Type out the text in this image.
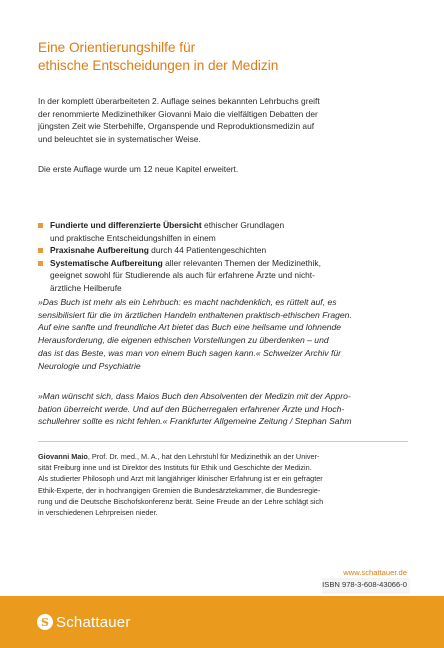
Eine Orientierungshilfe für
ethische Entscheidungen in der Medizin
In der komplett überarbeiteten 2. Auflage seines bekannten Lehrbuchs greift
der renommierte Medizinethiker Giovanni Maio die vielfältigen Debatten der
jüngsten Zeit wie Sterbehilfe, Organspende und Reproduktionsmedizin auf
und beleuchtet sie in systematischer Weise.
Die erste Auflage wurde um 12 neue Kapitel erweitert.
Fundierte und differenzierte Übersicht ethischer Grundlagen
und praktische Entscheidungshilfen in einem
Praxisnahe Aufbereitung durch 44 Patientengeschichten
Systematische Aufbereitung aller relevanten Themen der Medizinethik,
geeignet sowohl für Studierende als auch für erfahrene Ärzte und nicht-
ärztliche Heilberufe
»Das Buch ist mehr als ein Lehrbuch: es macht nachdenklich, es rüttelt auf, es
sensibilisiert für die im ärztlichen Handeln enthaltenen praktisch-ethischen Fragen.
Auf eine sanfte und freundliche Art bietet das Buch eine heilsame und lohnende
Herausforderung, die eigenen ethischen Vorstellungen zu überdenken – und
das ist das Beste, was man von einem Buch sagen kann.« Schweizer Archiv für
Neurologie und Psychiatrie
»Man wünscht sich, dass Maios Buch den Absolventen der Medizin mit der Appro-
bation überreicht werde. Und auf den Bücherregalen erfahrener Ärzte und Hoch-
schullehrer sollte es nicht fehlen.« Frankfurter Allgemeine Zeitung / Stephan Sahm
Giovanni Maio, Prof. Dr. med., M. A., hat den Lehrstuhl für Medizinethik an der Univer-
sität Freiburg inne und ist Direktor des Instituts für Ethik und Geschichte der Medizin.
Als studierter Philosoph und Arzt mit langjähriger klinischer Erfahrung ist er ein gefragter
Ethik-Experte, der in hochrangigen Gremien die Bundesärztekammer, die Bundesregie-
rung und die Deutsche Bischofskonferenz berät. Seine Freude an der Lehre schlägt sich
in verschiedenen Lehrpreisen nieder.
www.schattauer.de
ISBN 978-3-608-43066-0
S Schattauer
